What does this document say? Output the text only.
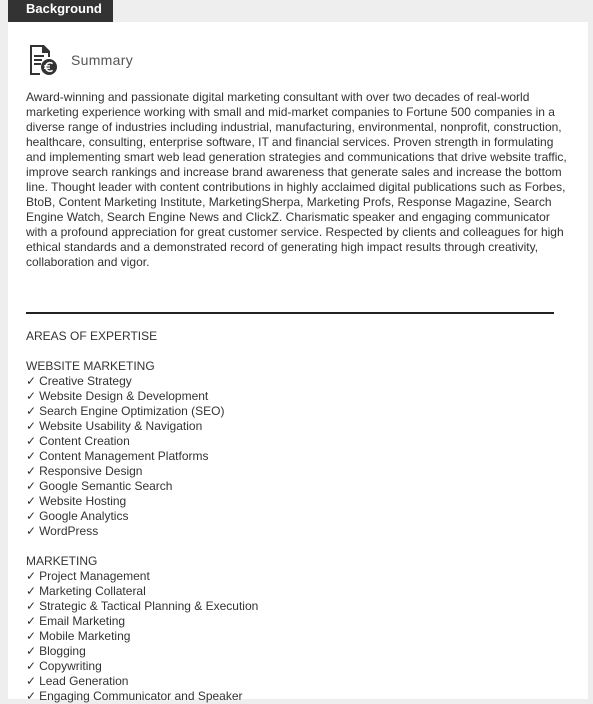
Background
Summary
Award-winning and passionate digital marketing consultant with over two decades of real-world marketing experience working with small and mid-market companies to Fortune 500 companies in a diverse range of industries including industrial, manufacturing, environmental, nonprofit, construction, healthcare, consulting, enterprise software, IT and financial services. Proven strength in formulating and implementing smart web lead generation strategies and communications that drive website traffic, improve search rankings and increase brand awareness that generate sales and increase the bottom line. Thought leader with content contributions in highly acclaimed digital publications such as Forbes, BtoB, Content Marketing Institute, MarketingSherpa, Marketing Profs, Response Magazine, Search Engine Watch, Search Engine News and ClickZ. Charismatic speaker and engaging communicator with a profound appreciation for great customer service. Respected by clients and colleagues for high ethical standards and a demonstrated record of generating high impact results through creativity, collaboration and vigor.
AREAS OF EXPERTISE
WEBSITE MARKETING
✓ Creative Strategy
✓ Website Design & Development
✓ Search Engine Optimization (SEO)
✓ Website Usability & Navigation
✓ Content Creation
✓ Content Management Platforms
✓ Responsive Design
✓ Google Semantic Search
✓ Website Hosting
✓ Google Analytics
✓ WordPress
MARKETING
✓ Project Management
✓ Marketing Collateral
✓ Strategic & Tactical Planning & Execution
✓ Email Marketing
✓ Mobile Marketing
✓ Blogging
✓ Copywriting
✓ Lead Generation
✓ Engaging Communicator and Speaker
